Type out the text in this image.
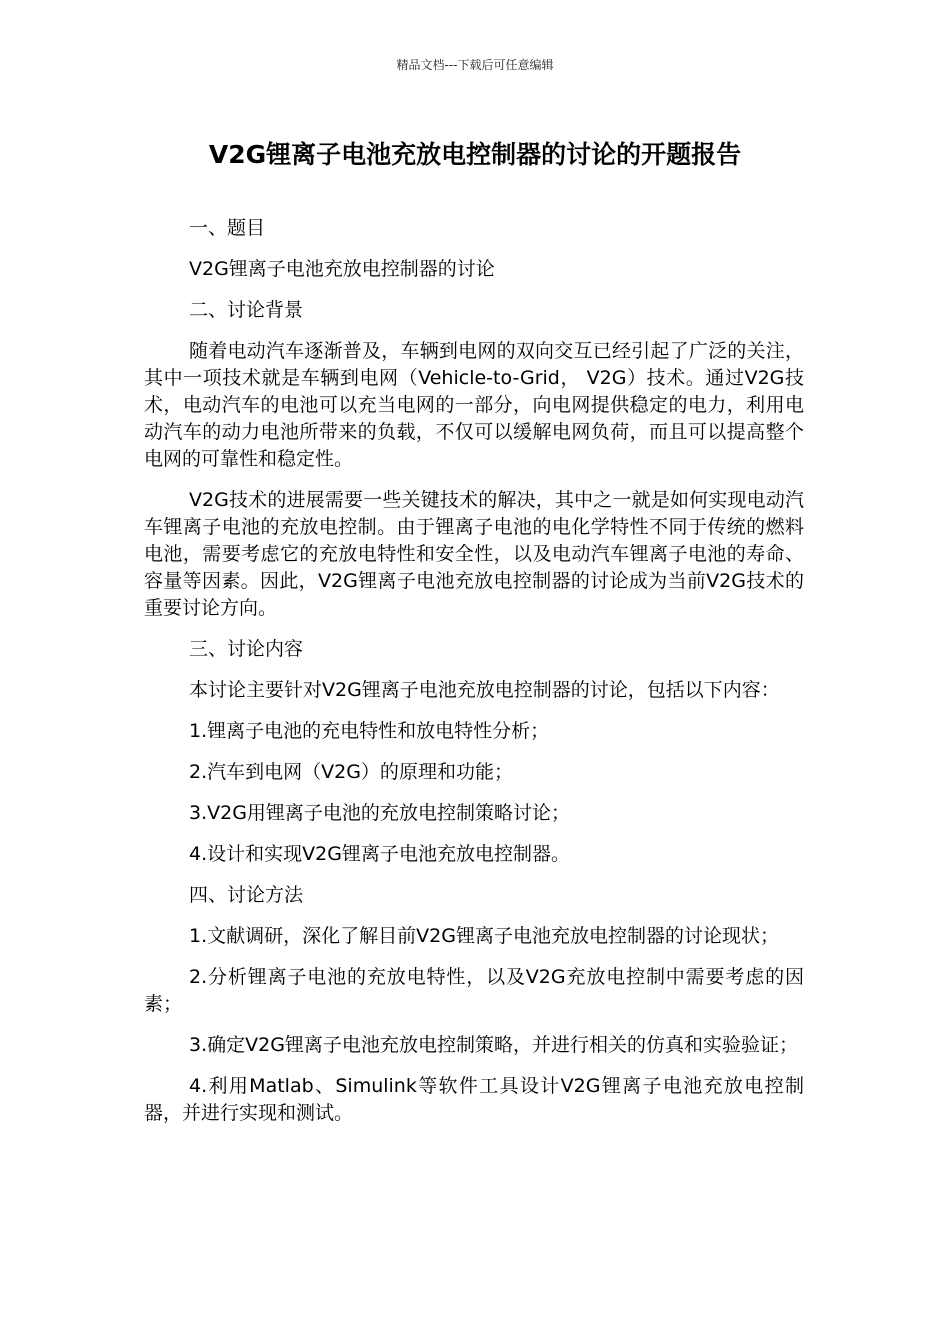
精品文档---下载后可任意编辑
V2G锂离子电池充放电控制器的讨论的开题报告

一、题目

V2G锂离子电池充放电控制器的讨论

二、讨论背景

随着电动汽车逐渐普及，车辆到电网的双向交互已经引起了广泛的关注，其中一项技术就是车辆到电网（Vehicle-to-Grid， V2G）技术。通过V2G技术，电动汽车的电池可以充当电网的一部分，向电网提供稳定的电力，利用电动汽车的动力电池所带来的负载，不仅可以缓解电网负荷，而且可以提高整个电网的可靠性和稳定性。

V2G技术的进展需要一些关键技术的解决，其中之一就是如何实现电动汽车锂离子电池的充放电控制。由于锂离子电池的电化学特性不同于传统的燃料电池，需要考虑它的充放电特性和安全性，以及电动汽车锂离子电池的寿命、容量等因素。因此，V2G锂离子电池充放电控制器的讨论成为当前V2G技术的重要讨论方向。

三、讨论内容

本讨论主要针对V2G锂离子电池充放电控制器的讨论，包括以下内容：

1.锂离子电池的充电特性和放电特性分析；

2.汽车到电网（V2G）的原理和功能；

3.V2G用锂离子电池的充放电控制策略讨论；

4.设计和实现V2G锂离子电池充放电控制器。

四、讨论方法

1.文献调研，深化了解目前V2G锂离子电池充放电控制器的讨论现状；

2.分析锂离子电池的充放电特性，以及V2G充放电控制中需要考虑的因素；

3.确定V2G锂离子电池充放电控制策略，并进行相关的仿真和实验验证；

4.利用Matlab、Simulink等软件工具设计V2G锂离子电池充放电控制器，并进行实现和测试。
